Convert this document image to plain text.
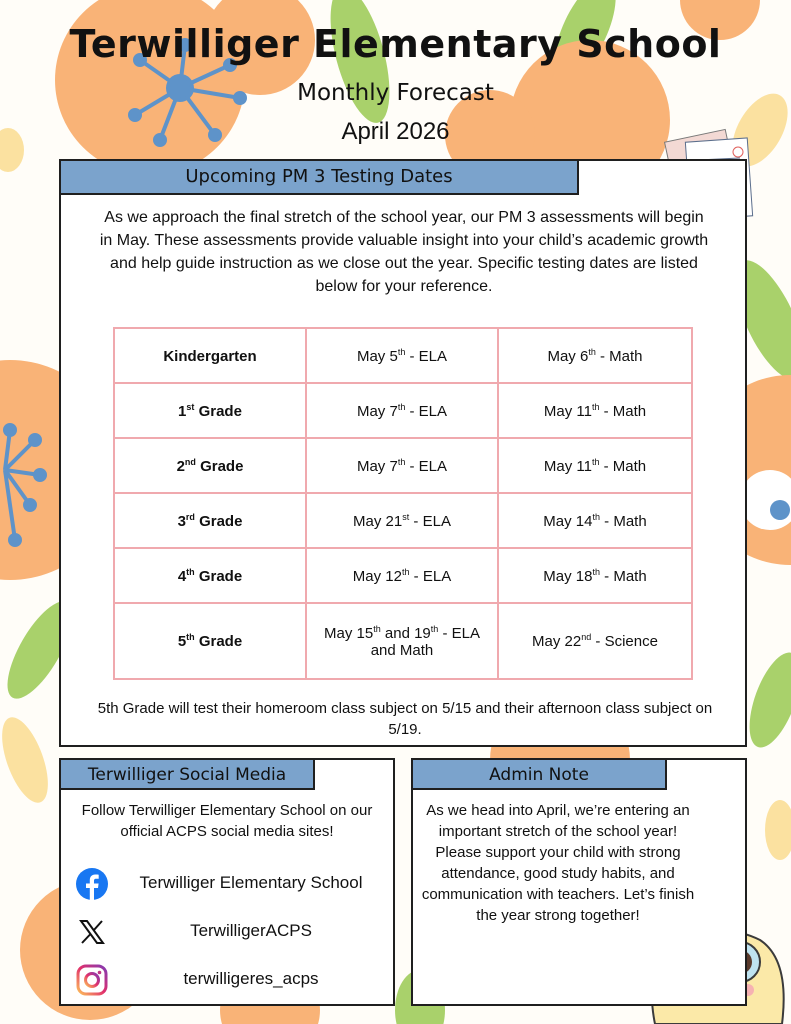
Terwilliger Elementary School
Monthly Forecast
April 2026
Upcoming PM 3 Testing Dates
As we approach the final stretch of the school year, our PM 3 assessments will begin in May. These assessments provide valuable insight into your child’s academic growth and help guide instruction as we close out the year. Specific testing dates are listed below for your reference.
Kindergarten	May 5th - ELA	May 6th - Math
1st Grade	May 7th - ELA	May 11th - Math
2nd Grade	May 7th - ELA	May 11th - Math
3rd Grade	May 21st - ELA	May 14th - Math
4th Grade	May 12th - ELA	May 18th - Math
5th Grade	May 15th and 19th - ELA and Math	May 22nd - Science
5th Grade will test their homeroom class subject on 5/15 and their afternoon class subject on 5/19.
Terwilliger Social Media
Follow Terwilliger Elementary School on our official ACPS social media sites!
Terwilliger Elementary School
TerwilligerACPS
terwilligeres_acps
Admin Note
As we head into April, we’re entering an important stretch of the school year! Please support your child with strong attendance, good study habits, and communication with teachers. Let’s finish the year strong together!
